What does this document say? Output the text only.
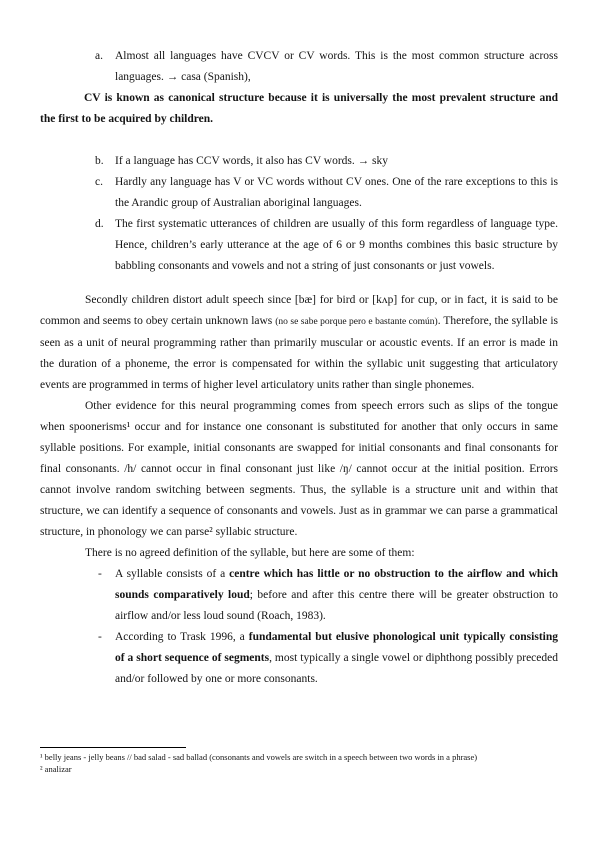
a.	Almost all languages have CVCV or CV words. This is the most common structure across languages. → casa (Spanish),

CV is known as canonical structure because it is universally the most prevalent structure and the first to be acquired by children.

b. If a language has CCV words, it also has CV words. → sky
c.	Hardly any language has V or VC words without CV ones. One of the rare exceptions to this is the Arandic group of Australian aboriginal languages.
d. The first systematic utterances of children are usually of this form regardless of language type. Hence, children’s early utterance at the age of 6 or 9 months combines this basic structure by babbling consonants and vowels and not a string of just consonants or just vowels.

Secondly children distort adult speech since [bæ] for bird or [kʌp] for cup, or in fact, it is said to be common and seems to obey certain unknown laws (no se sabe porque pero e bastante común). Therefore, the syllable is seen as a unit of neural programming rather than primarily muscular or acoustic events. If an error is made in the duration of a phoneme, the error is compensated for within the syllabic unit suggesting that articulatory events are programmed in terms of higher level articulatory units rather than single phonemes.

Other evidence for this neural programming comes from speech errors such as slips of the tongue when spoonerisms¹ occur and for instance one consonant is substituted for another that only occurs in same syllable positions. For example, initial consonants are swapped for initial consonants and final consonants for final consonants. /h/ cannot occur in final consonant just like /ŋ/ cannot occur at the initial position. Errors cannot involve random switching between segments. Thus, the syllable is a structure unit and within that structure, we can identify a sequence of consonants and vowels. Just as in grammar we can parse a grammatical structure, in phonology we can parse² syllabic structure.

There is no agreed definition of the syllable, but here are some of them:

-	A syllable consists of a centre which has little or no obstruction to the airflow and which sounds comparatively loud; before and after this centre there will be greater obstruction to airflow and/or less loud sound (Roach, 1983).
-	According to Trask 1996, a fundamental but elusive phonological unit typically consisting of a short sequence of segments, most typically a single vowel or diphthong possibly preceded and/or followed by one or more consonants.
¹ belly jeans - jelly beans // bad salad - sad ballad (consonants and vowels are switch in a speech between two words in a phrase)
² analizar
